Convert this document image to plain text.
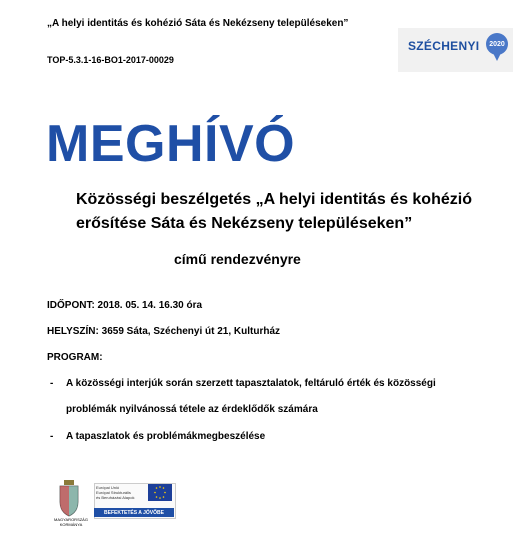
„A helyi identitás és kohézió Sáta és Nekézseny településeken”
TOP-5.3.1-16-BO1-2017-00029
SZÉCHENYI 2020
MEGHÍVÓ
Közösségi beszélgetés „A helyi identitás és kohézió
erősítése Sáta és Nekézseny településeken”
című rendezvényre
IDŐPONT: 2018. 05. 14. 16.30 óra
HELYSZÍN: 3659 Sáta, Széchenyi út 21, Kulturház
PROGRAM:
- A közösségi interjúk során szerzett tapasztalatok, feltáruló érték és közösségi
problémák nyilvánossá tétele az érdeklődők számára
- A tapaszlatok és problémákmegbeszélése
MAGYARORSZÁG KORMÁNYA
Európai Unió
Európai Strukturális
és Beruházási Alapok
BEFEKTETÉS A JÖVŐBE
